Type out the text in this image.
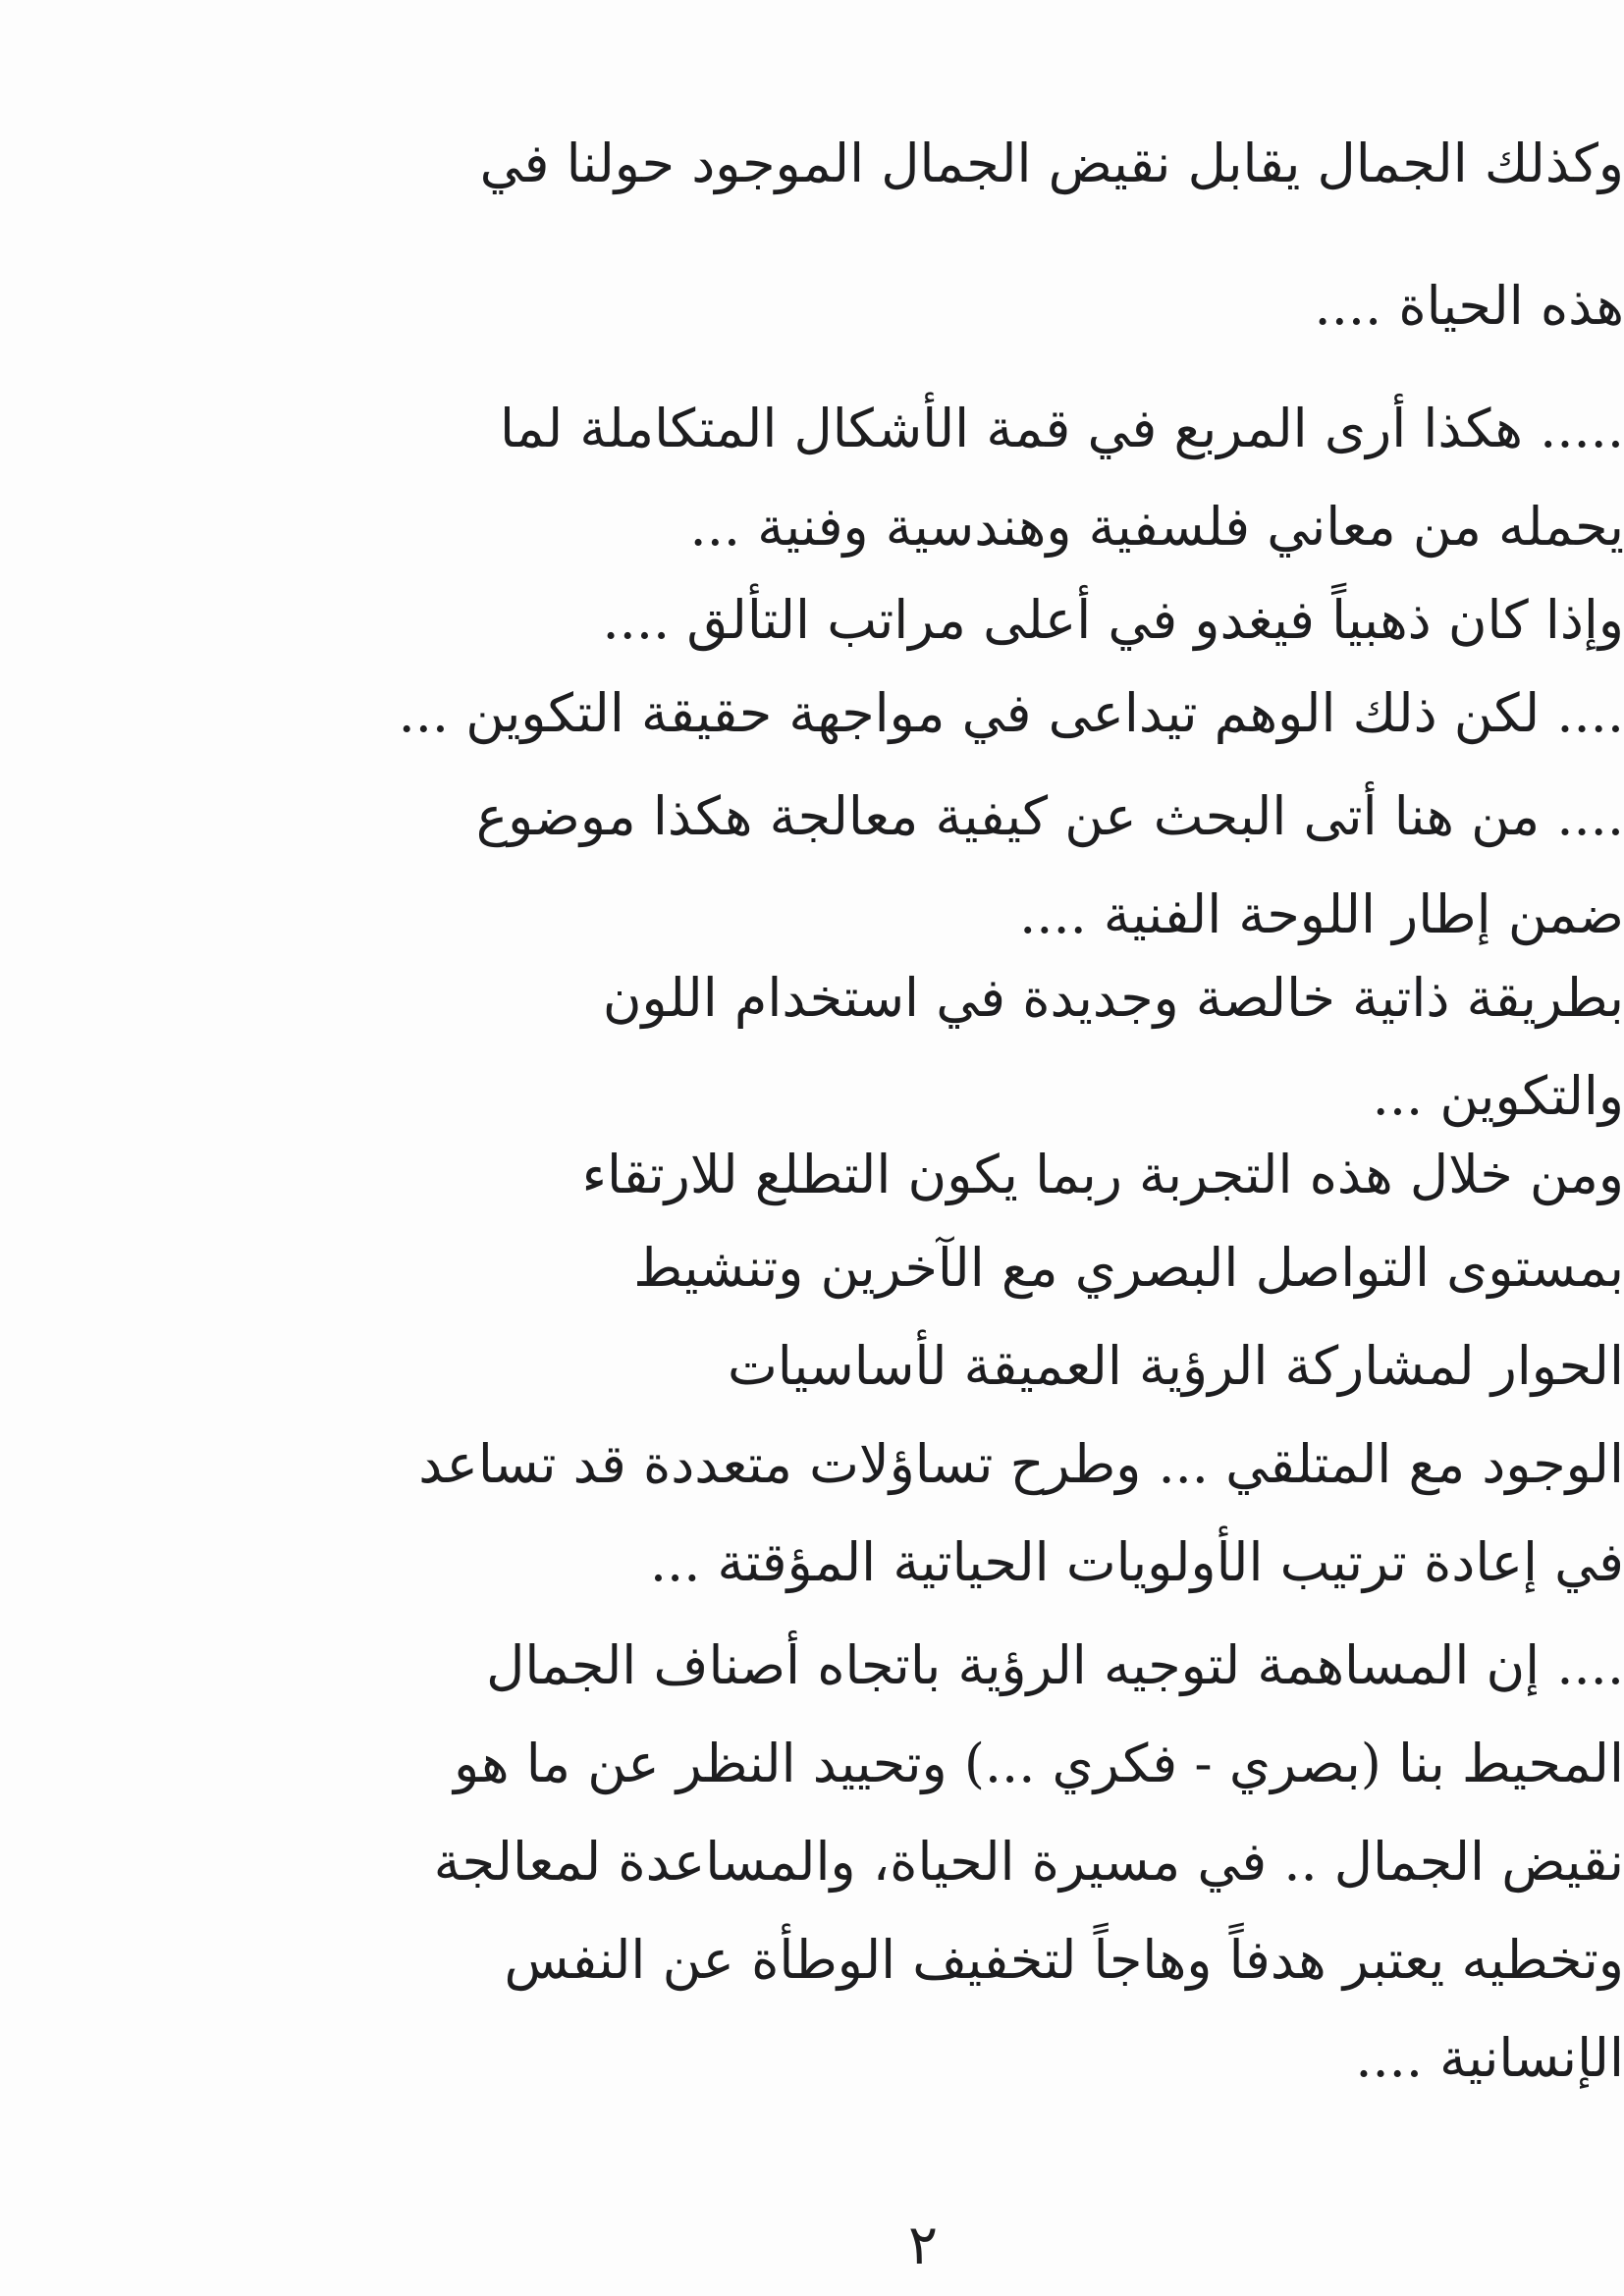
وكذلك الجمال يقابل نقيض الجمال الموجود حولنا في
هذه الحياة ....
..... هكذا أرى المربع في قمة الأشكال المتكاملة لما
يحمله من معاني فلسفية وهندسية وفنية ...
وإذا كان ذهبياً فيغدو في أعلى مراتب التألق ....
.... لكن ذلك الوهم تيداعى في مواجهة حقيقة التكوين ...
.... من هنا أتى البحث عن كيفية معالجة هكذا موضوع
ضمن إطار اللوحة الفنية ....
بطريقة ذاتية خالصة وجديدة في استخدام اللون
والتكوين ...
ومن خلال هذه التجربة ربما يكون التطلع للارتقاء
بمستوى التواصل البصري مع الآخرين وتنشيط
الحوار لمشاركة الرؤية العميقة لأساسيات
الوجود مع المتلقي ... وطرح تساؤلات متعددة قد تساعد
في إعادة ترتيب الأولويات الحياتية المؤقتة ...
.... إن المساهمة لتوجيه الرؤية باتجاه أصناف الجمال
المحيط بنا (بصري - فكري ...) وتحييد النظر عن ما هو
نقيض الجمال .. في مسيرة الحياة، والمساعدة لمعالجة
وتخطيه يعتبر هدفاً وهاجاً لتخفيف الوطأة عن النفس
الإنسانية ....
٢
